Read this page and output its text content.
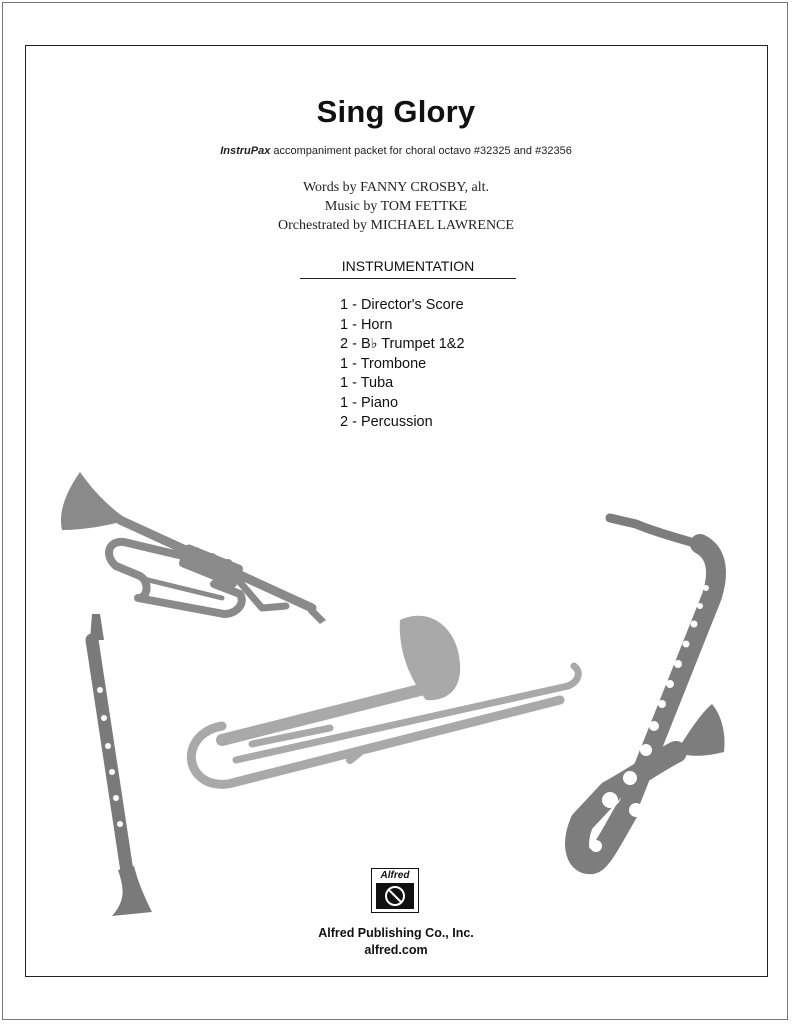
Sing Glory
InstruPax accompaniment packet for choral octavo #32325 and #32356
Words by FANNY CROSBY, alt.
Music by TOM FETTKE
Orchestrated by MICHAEL LAWRENCE
INSTRUMENTATION
1 - Director's Score
1 - Horn
2 - B♭ Trumpet 1&2
1 - Trombone
1 - Tuba
1 - Piano
2 - Percussion
Alfred
Alfred Publishing Co., Inc.
alfred.com
